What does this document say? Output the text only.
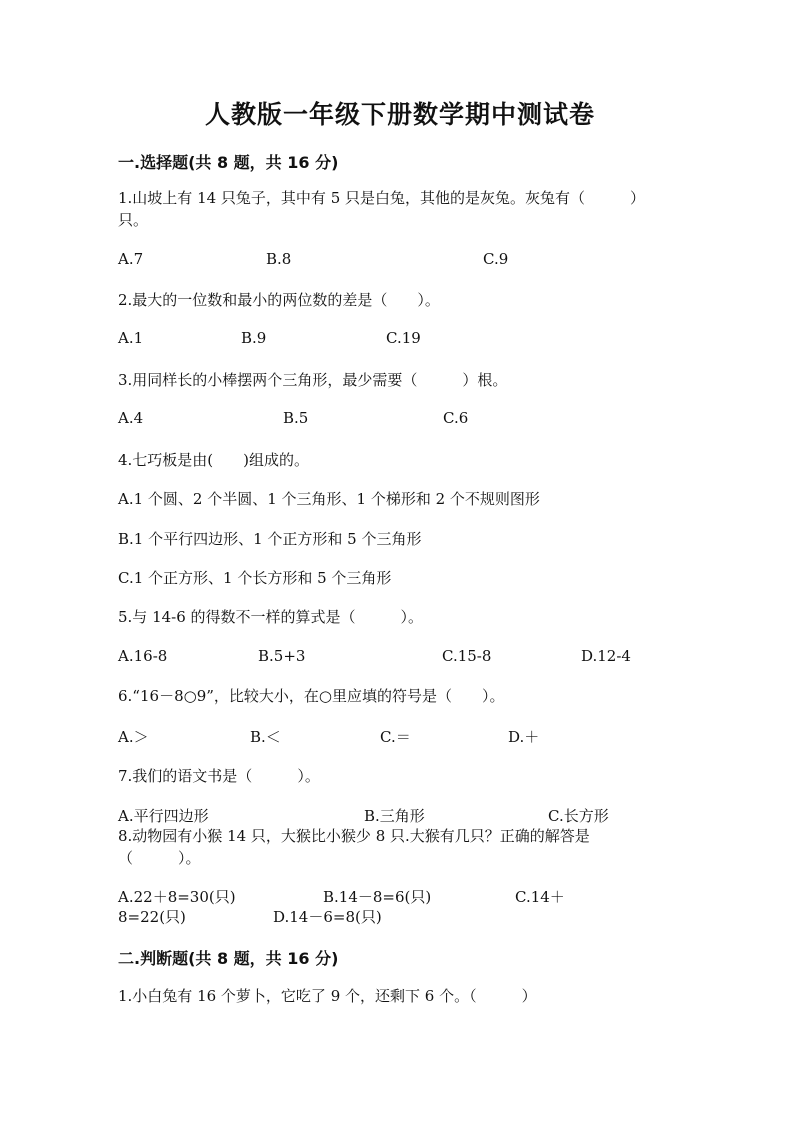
人教版一年级下册数学期中测试卷
一.选择题(共 8 题，共 16 分)
1.山坡上有 14 只兔子，其中有 5 只是白兔，其他的是灰兔。灰兔有（　　　）
只。
A.7	B.8	C.9
2.最大的一位数和最小的两位数的差是（　　）。
A.1	B.9	C.19
3.用同样长的小棒摆两个三角形，最少需要（　　　）根。
A.4	B.5	C.6
4.七巧板是由(　　)组成的。
A.1 个圆、2 个半圆、1 个三角形、1 个梯形和 2 个不规则图形
B.1 个平行四边形、1 个正方形和 5 个三角形
C.1 个正方形、1 个长方形和 5 个三角形
5.与 14-6 的得数不一样的算式是（　　　）。
A.16-8	B.5+3	C.15-8	D.12-4
6.“16－8○9”，比较大小，在○里应填的符号是（　　）。
A.＞	B.＜	C.＝	D.＋
7.我们的语文书是（　　　）。
A.平行四边形	B.三角形	C.长方形
8.动物园有小猴 14 只，大猴比小猴少 8 只.大猴有几只？正确的解答是
（　　　）。
A.22＋8=30(只)	B.14－8=6(只)	C.14＋
8=22(只)	D.14－6=8(只)
二.判断题(共 8 题，共 16 分)
1.小白兔有 16 个萝卜，它吃了 9 个，还剩下 6 个。（　　　）
